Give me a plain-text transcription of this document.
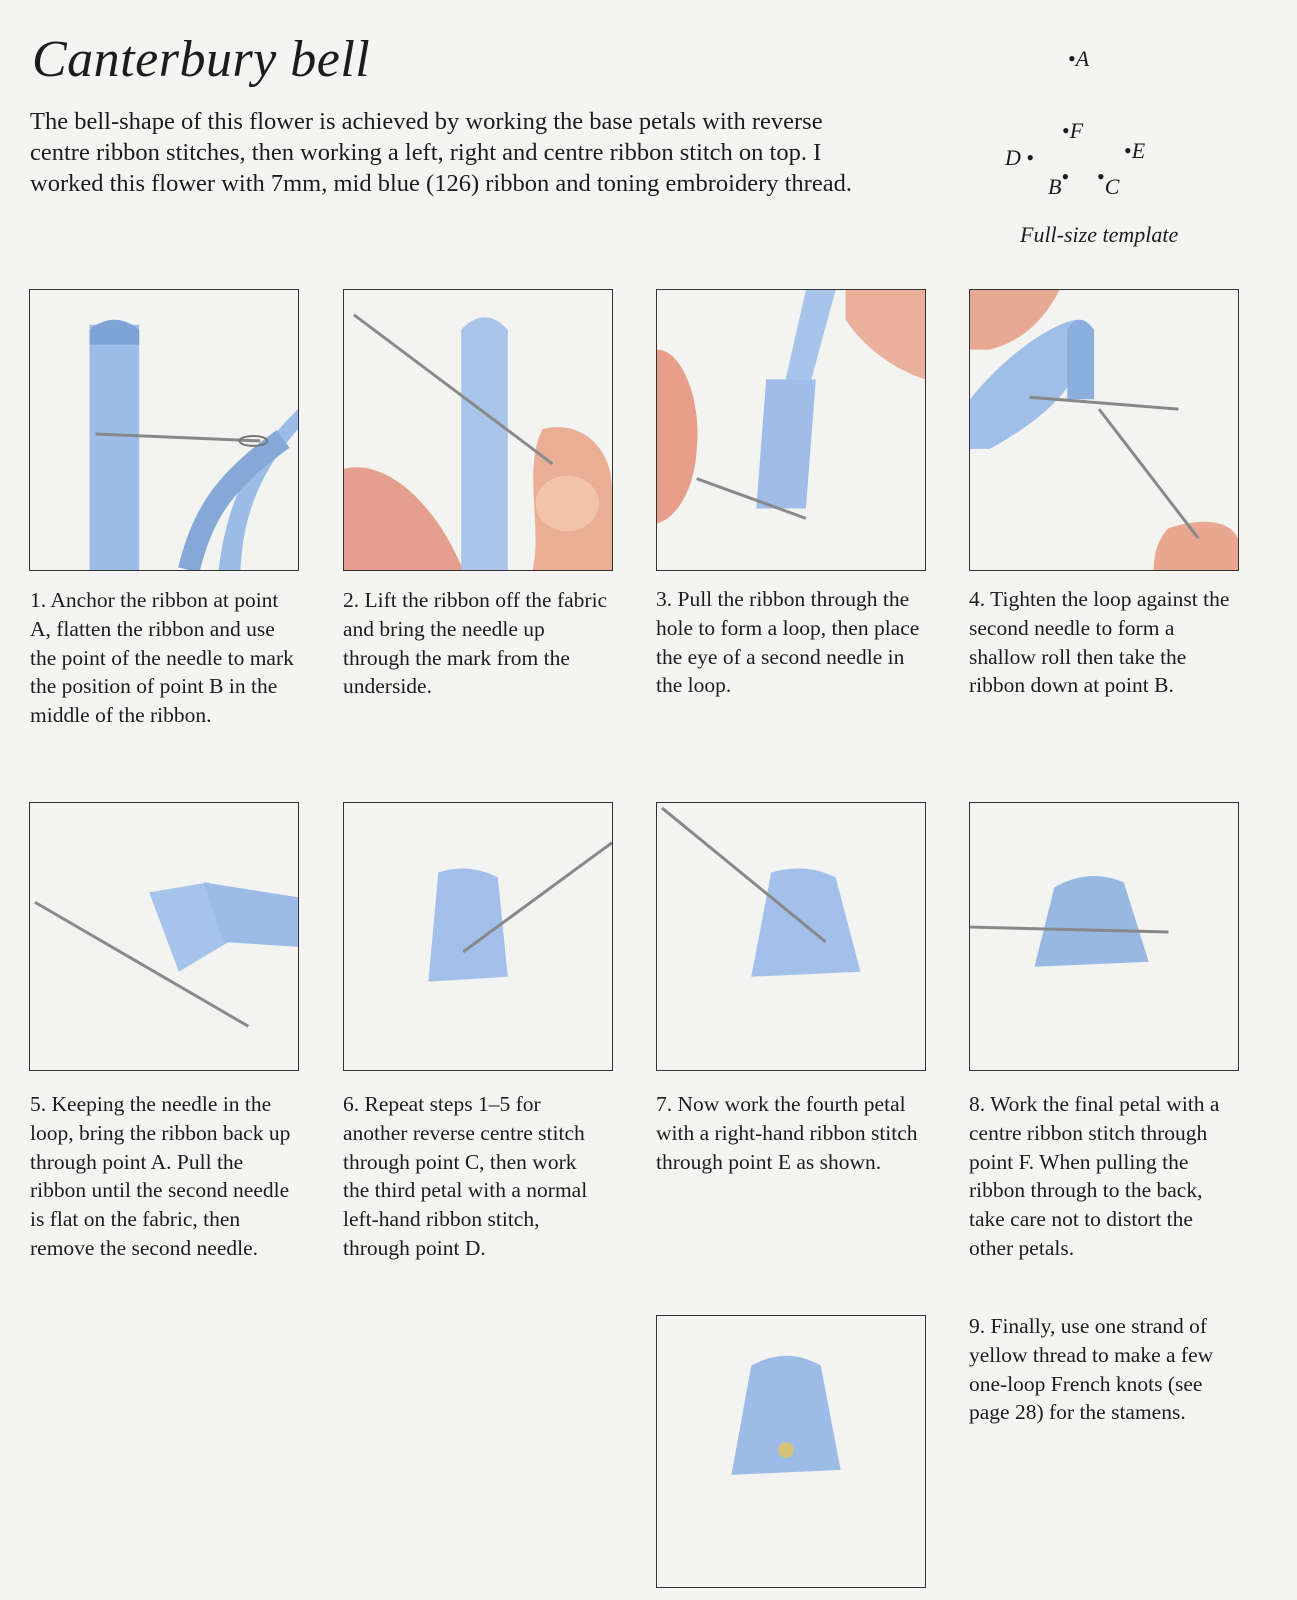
Canterbury bell

The bell-shape of this flower is achieved by working the base petals with reverse centre ribbon stitches, then working a left, right and centre ribbon stitch on top. I worked this flower with 7mm, mid blue (126) ribbon and toning embroidery thread.

•A
•F
D •	•E
B• •C
Full-size template

1. Anchor the ribbon at point A, flatten the ribbon and use the point of the needle to mark the position of point B in the middle of the ribbon.

2. Lift the ribbon off the fabric and bring the needle up through the mark from the underside.

3. Pull the ribbon through the hole to form a loop, then place the eye of a second needle in the loop.

4. Tighten the loop against the second needle to form a shallow roll then take the ribbon down at point B.

5. Keeping the needle in the loop, bring the ribbon back up through point A. Pull the ribbon until the second needle is flat on the fabric, then remove the second needle.

6. Repeat steps 1–5 for another reverse centre stitch through point C, then work the third petal with a normal left-hand ribbon stitch, through point D.

7. Now work the fourth petal with a right-hand ribbon stitch through point E as shown.

8. Work the final petal with a centre ribbon stitch through point F. When pulling the ribbon through to the back, take care not to distort the other petals.

9. Finally, use one strand of yellow thread to make a few one-loop French knots (see page 28) for the stamens.
